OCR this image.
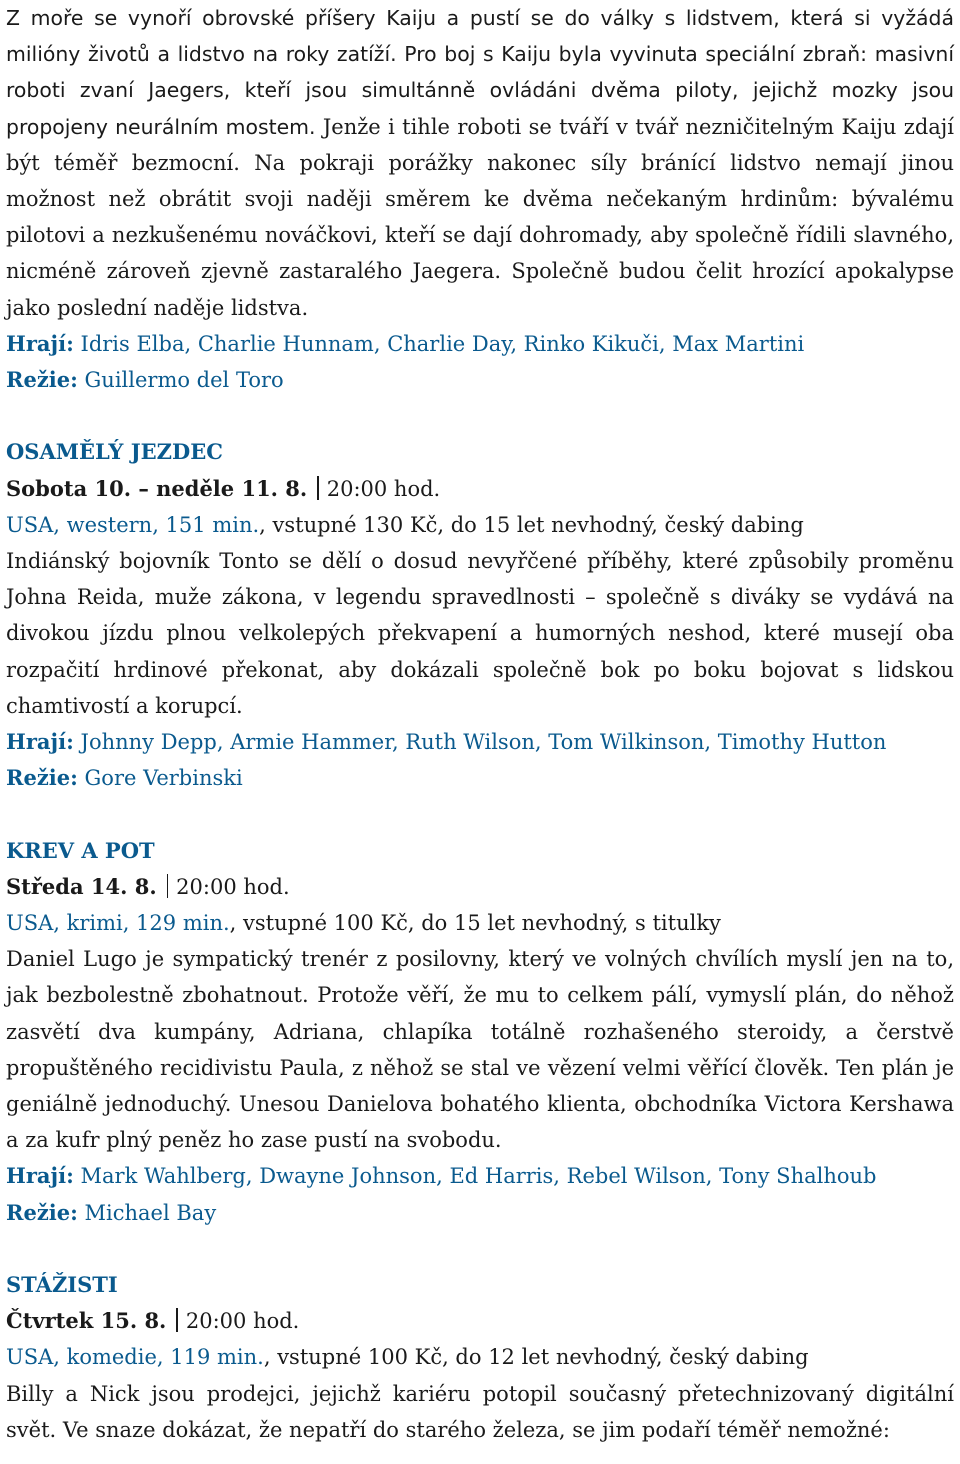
Z moře se vynoří obrovské příšery Kaiju a pustí se do války s lidstvem, která si vyžádá milióny životů a lidstvo na roky zatíží. Pro boj s Kaiju byla vyvinuta speciální zbraň: masivní roboti zvaní Jaegers, kteří jsou simultánně ovládáni dvěma piloty, jejichž mozky jsou propojeny neurálním mostem. Jenže i tihle roboti se tváří v tvář nezničitelným Kaiju zdají být téměř bezmocní. Na pokraji porážky nakonec síly bránící lidstvo nemají jinou možnost než obrátit svoji naději směrem ke dvěma nečekaným hrdinům: bývalému pilotovi a nezkušenému nováčkovi, kteří se dají dohromady, aby společně řídili slavného, nicméně zároveň zjevně zastaralého Jaegera. Společně budou čelit hrozící apokalypse jako poslední naděje lidstva.

Hrají: Idris Elba, Charlie Hunnam, Charlie Day, Rinko Kikuči, Max Martini

Režie: Guillermo del Toro

OSAMĚLÝ JEZDEC

Sobota 10. – neděle 11. 8. 20:00 hod.

USA, western, 151 min., vstupné 130 Kč, do 15 let nevhodný, český dabing

Indiánský bojovník Tonto se dělí o dosud nevyřčené příběhy, které způsobily proměnu Johna Reida, muže zákona, v legendu spravedlnosti – společně s diváky se vydává na divokou jízdu plnou velkolepých překvapení a humorných neshod, které musejí oba rozpačití hrdinové překonat, aby dokázali společně bok po boku bojovat s lidskou chamtivostí a korupcí.

Hrají: Johnny Depp, Armie Hammer, Ruth Wilson, Tom Wilkinson, Timothy Hutton

Režie: Gore Verbinski

KREV A POT

Středa 14. 8. 20:00 hod.

USA, krimi, 129 min., vstupné 100 Kč, do 15 let nevhodný, s titulky

Daniel Lugo je sympatický trenér z posilovny, který ve volných chvílích myslí jen na to, jak bezbolestně zbohatnout. Protože věří, že mu to celkem pálí, vymyslí plán, do něhož zasvětí dva kumpány, Adriana, chlapíka totálně rozhašeného steroidy, a čerstvě propuštěného recidivistu Paula, z něhož se stal ve vězení velmi věřící člověk. Ten plán je geniálně jednoduchý. Unesou Danielova bohatého klienta, obchodníka Victora Kershawa a za kufr plný peněz ho zase pustí na svobodu.

Hrají: Mark Wahlberg, Dwayne Johnson, Ed Harris, Rebel Wilson, Tony Shalhoub

Režie: Michael Bay

STÁŽISTI

Čtvrtek 15. 8. 20:00 hod.

USA, komedie, 119 min., vstupné 100 Kč, do 12 let nevhodný, český dabing

Billy a Nick jsou prodejci, jejichž kariéru potopil současný přetechnizovaný digitální svět. Ve snaze dokázat, že nepatří do starého železa, se jim podaří téměř nemožné:
